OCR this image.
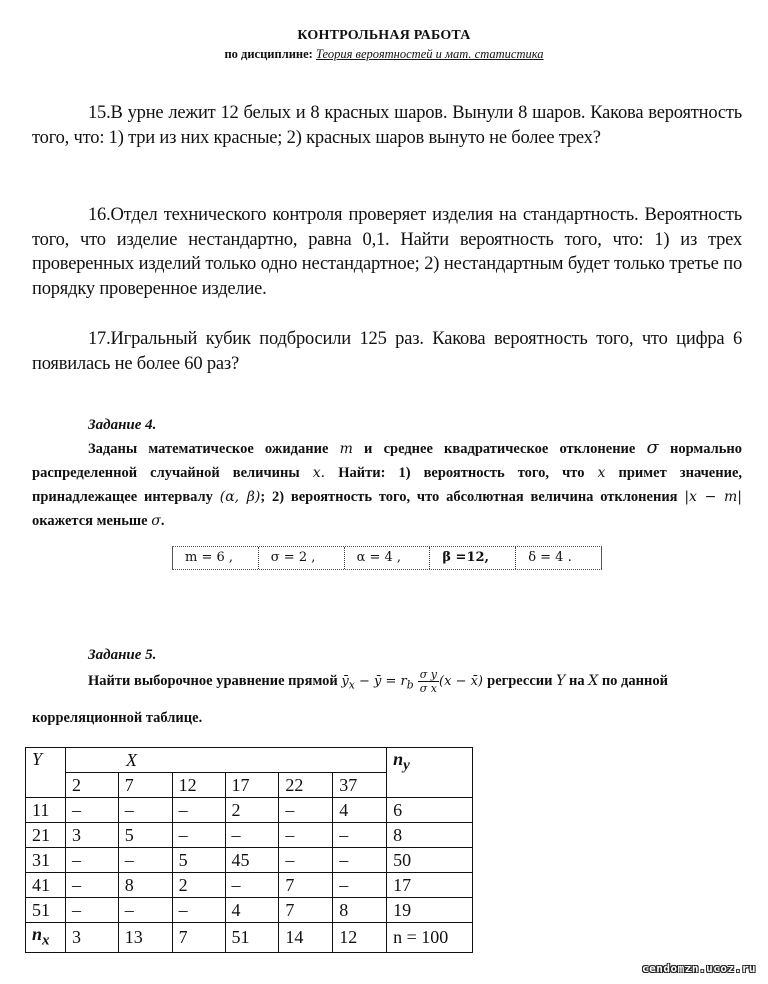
КОНТРОЛЬНАЯ РАБОТА
по дисциплине: Теория вероятностей и мат. статистика
15.В урне лежит 12 белых и 8 красных шаров. Вынули 8 шаров. Какова вероятность того, что: 1) три из них красные; 2) красных шаров вынуто не более трех?
16.Отдел технического контроля проверяет изделия на стандартность. Вероятность того, что изделие нестандартно, равна 0,1. Найти вероятность того, что: 1) из трех проверенных изделий только одно нестандартное; 2) нестандартным будет только третье по порядку проверенное изделие.
17.Игральный кубик подбросили 125 раз. Какова вероятность того, что цифра 6 появилась не более 60 раз?
Задание 4.
Заданы математическое ожидание m и среднее квадратическое отклонение σ нормально распределенной случайной величины x. Найти: 1) вероятность того, что x примет значение, принадлежащее интервалу (α, β); 2) вероятность того, что абсолютная величина отклонения |x − m| окажется меньше σ.
m = 6 ,	σ = 2 ,	α = 4 ,	β =12,	δ = 4 .
Задание 5.
Найти выборочное уравнение прямой $ȳ_x$ − ȳ = $r_b \frac{\text{σ y}}{\text{σ x}} (x$ − x̄) регрессии Y на X по данной
корреляционной таблице.
Y	X						$n_y$
	2	7	12	17	22	37	
11	–	–	–	2	–	4	6
21	3	5	–	–	–	–	8
31	–	–	5	45	–	–	50
41	–	8	2	–	7	–	17
51	–	–	–	4	7	8	19
$n_x$	3	13	7	51	14	12	n = 100
cendomzn.ucoz.ru
